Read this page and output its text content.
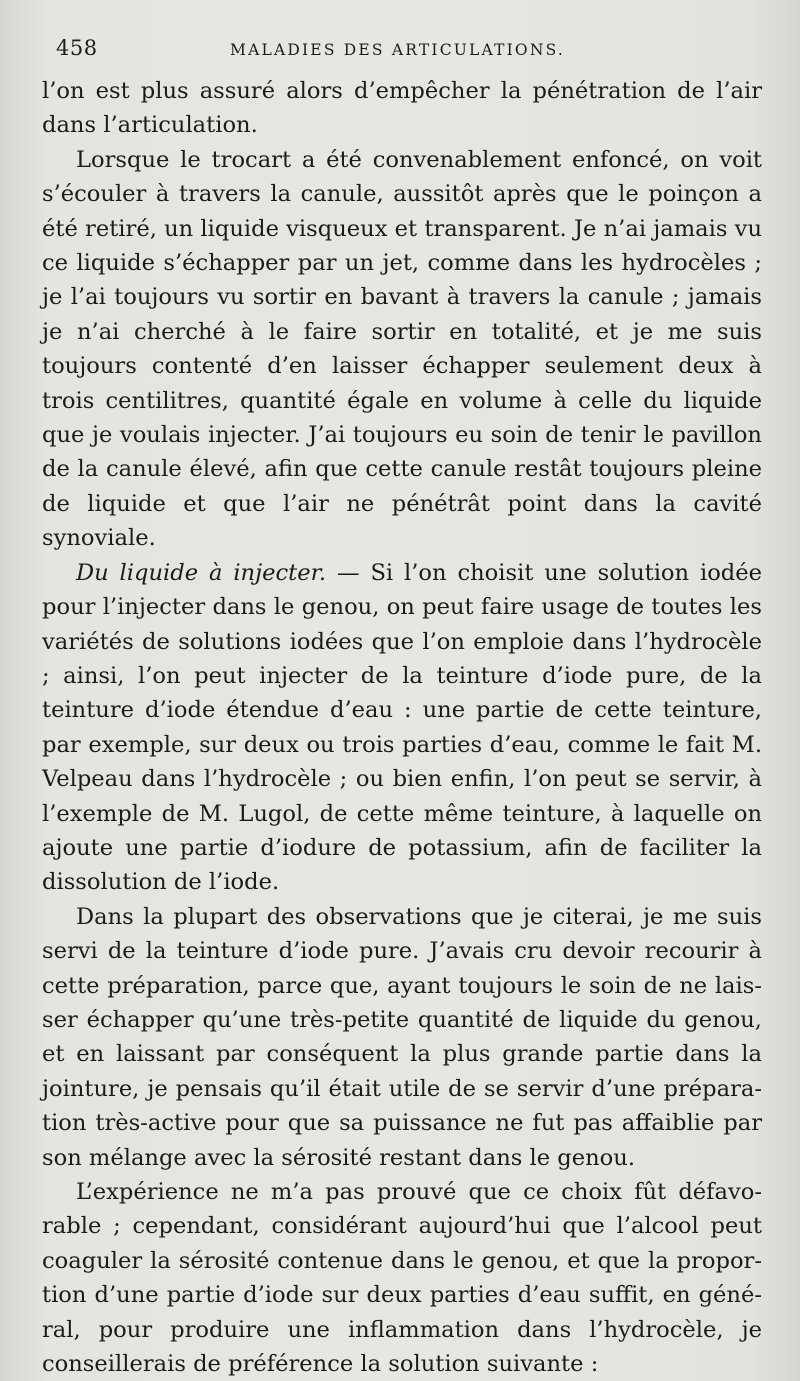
458	MALADIES DES ARTICULATIONS.

l’on est plus assuré alors d’empêcher la pénétration de l’air dans l’articulation.

Lorsque le trocart a été convenablement enfoncé, on voit s’écouler à travers la canule, aussitôt après que le poinçon a été retiré, un liquide visqueux et transparent. Je n’ai jamais vu ce liquide s’échapper par un jet, comme dans les hydrocèles ; je l’ai toujours vu sortir en bavant à travers la canule ; jamais je n’ai cherché à le faire sortir en totalité, et je me suis toujours contenté d’en laisser échapper seulement deux à trois centilitres, quantité égale en volume à celle du liquide que je voulais injecter. J’ai toujours eu soin de tenir le pavillon de la canule élevé, afin que cette canule restât toujours pleine de liquide et que l’air ne pénétrât point dans la cavité synoviale.

Du liquide à injecter. — Si l’on choisit une solution iodée pour l’injecter dans le genou, on peut faire usage de toutes les variétés de solutions iodées que l’on emploie dans l’hydrocèle ; ainsi, l’on peut injecter de la teinture d’iode pure, de la teinture d’iode étendue d’eau : une partie de cette teinture, par exemple, sur deux ou trois parties d’eau, comme le fait M. Velpeau dans l’hydrocèle ; ou bien enfin, l’on peut se servir, à l’exemple de M. Lugol, de cette même teinture, à laquelle on ajoute une partie d’iodure de potassium, afin de faciliter la dissolution de l’iode.

Dans la plupart des observations que je citerai, je me suis servi de la teinture d’iode pure. J’avais cru devoir recourir à cette préparation, parce que, ayant toujours le soin de ne laisser échapper qu’une très-petite quantité de liquide du genou, et en laissant par conséquent la plus grande partie dans la jointure, je pensais qu’il était utile de se servir d’une préparation très-active pour que sa puissance ne fut pas affaiblie par son mélange avec la sérosité restant dans le genou.

L’expérience ne m’a pas prouvé que ce choix fût défavorable ; cependant, considérant aujourd’hui que l’alcool peut coaguler la sérosité contenue dans le genou, et que la proportion d’une partie d’iode sur deux parties d’eau suffit, en général, pour produire une inflammation dans l’hydrocèle, je conseillerais de préférence la solution suivante :
